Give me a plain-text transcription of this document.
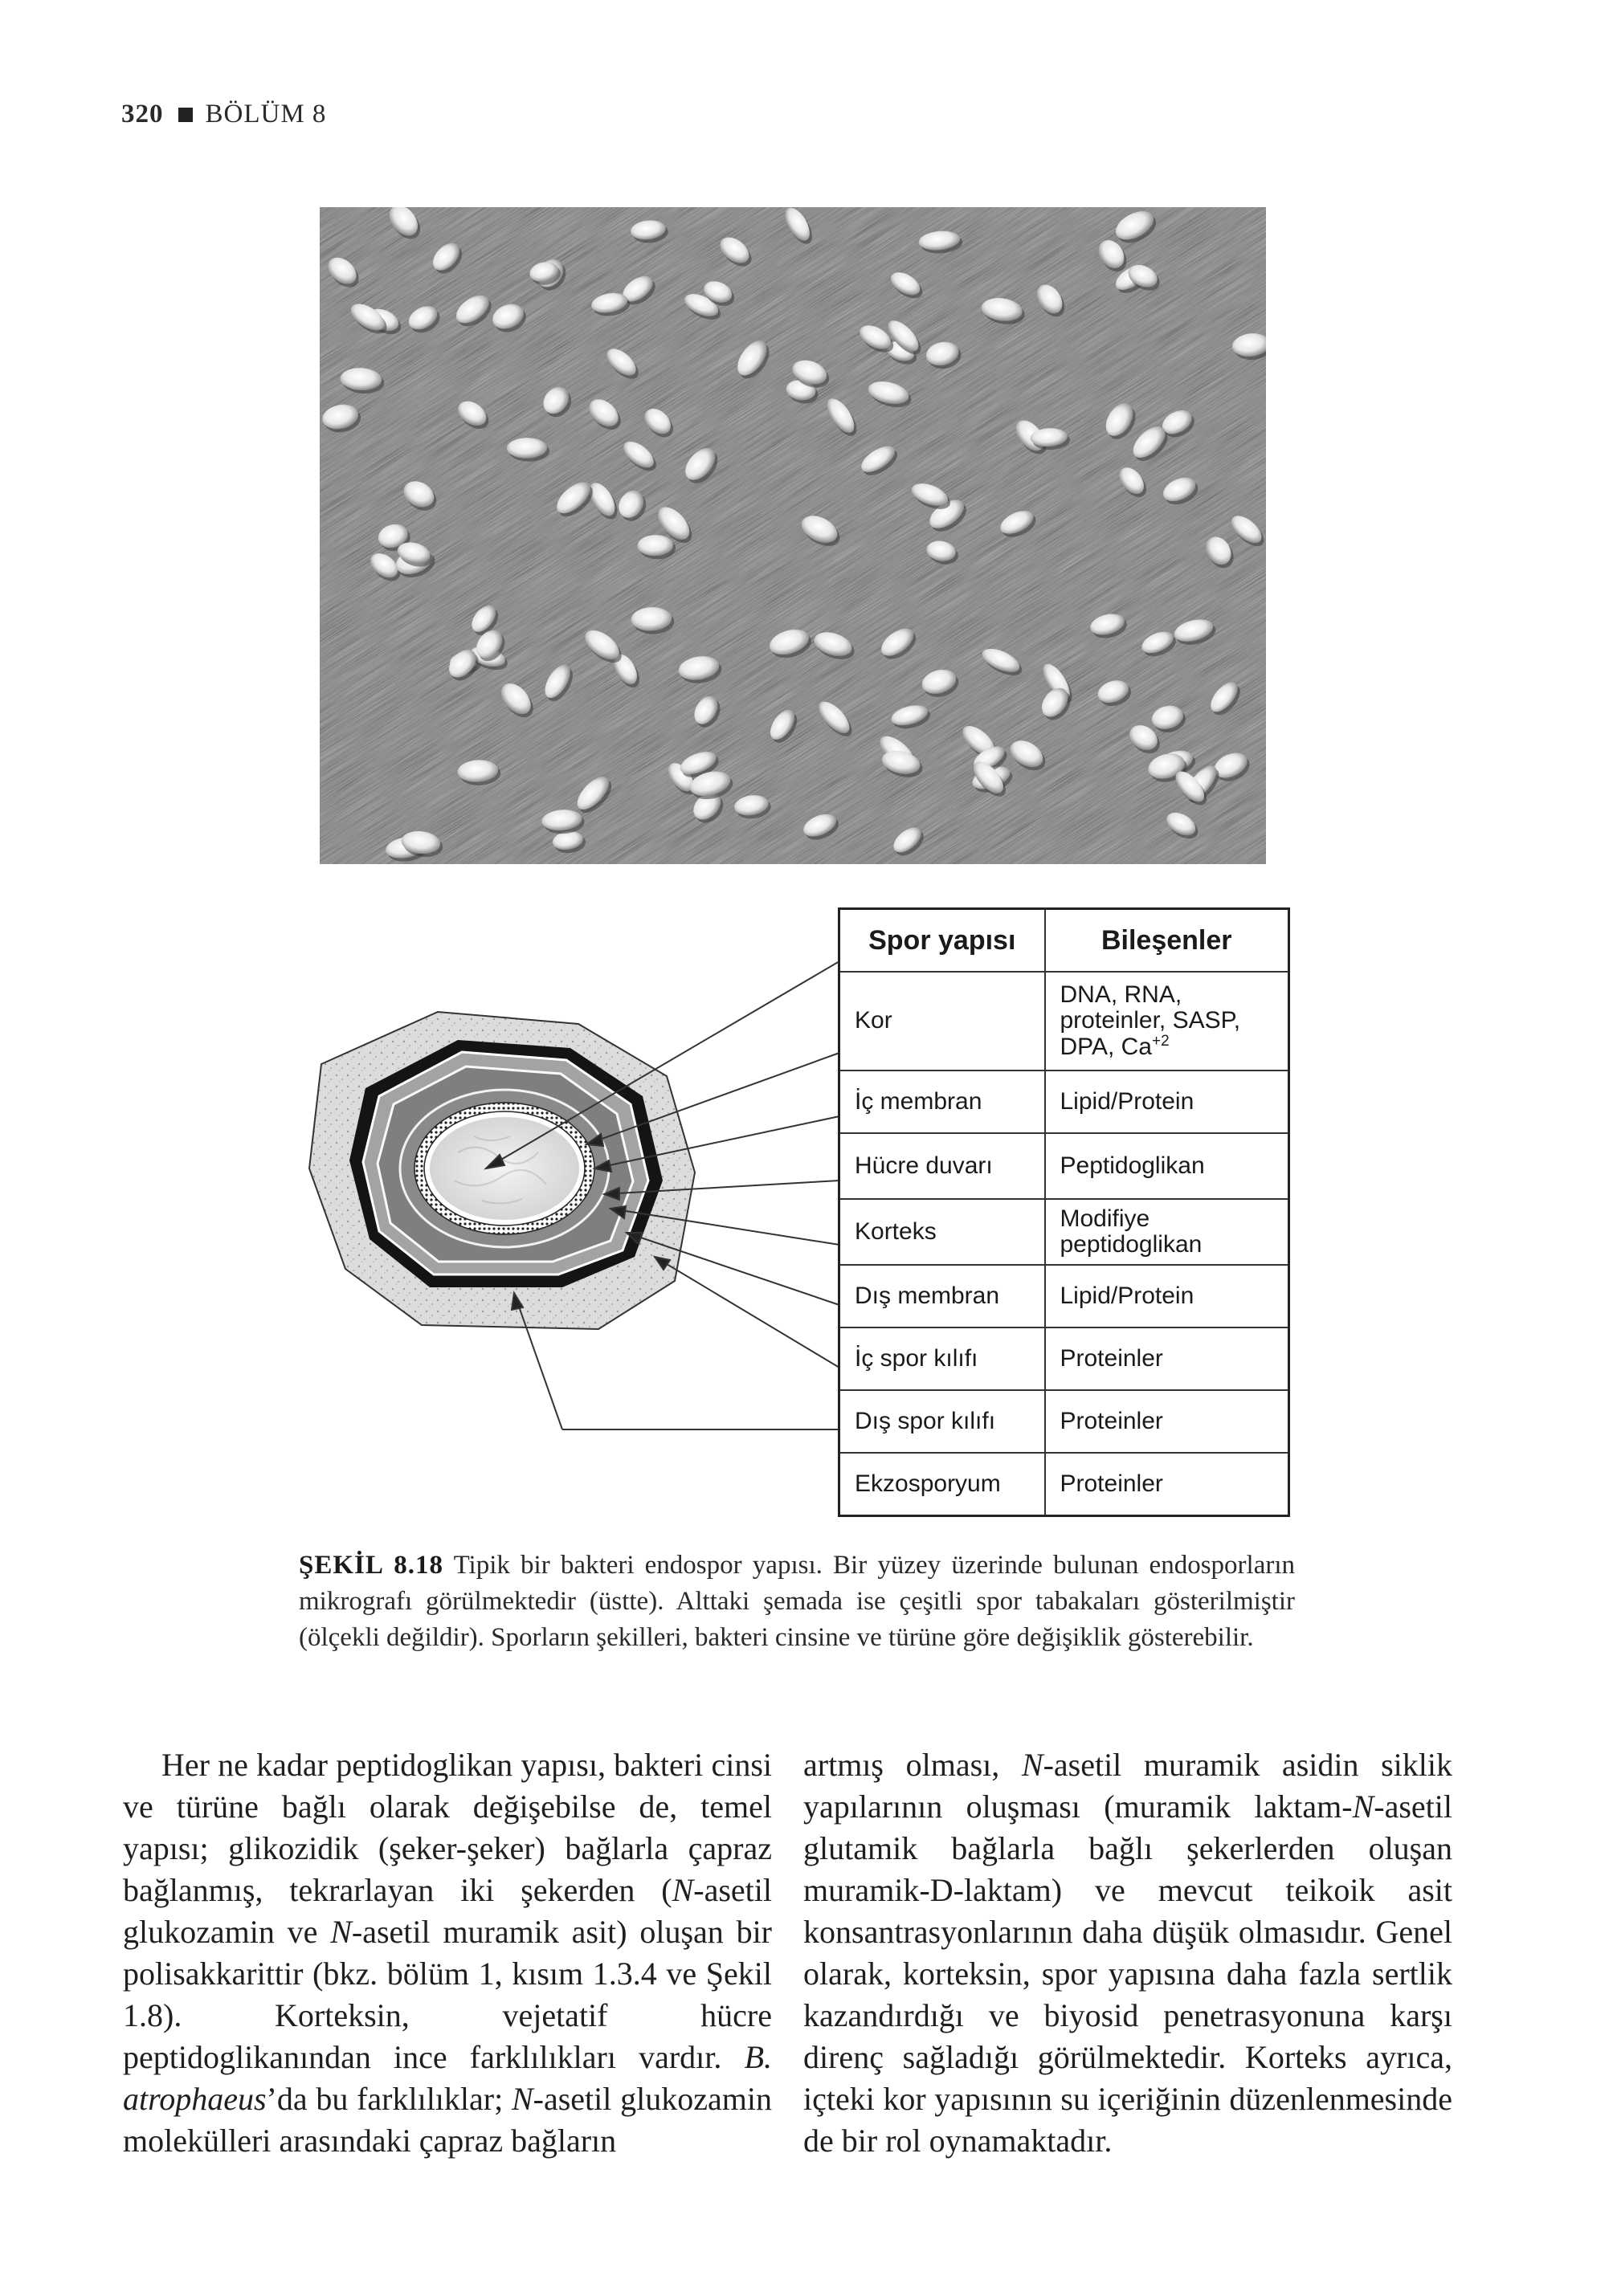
320 BÖLÜM 8
Spor yapısı	Bileşenler
Kor	DNA, RNA, proteinler, SASP, DPA, $Ca^{+2}$
İç membran	Lipid/Protein
Hücre duvarı	Peptidoglikan
Korteks	Modifiye peptidoglikan
Dış membran	Lipid/Protein
İç spor kılıfı	Proteinler
Dış spor kılıfı	Proteinler
Ekzosporyum	Proteinler
ŞEKİL 8.18 Tipik bir bakteri endospor yapısı. Bir yüzey üzerinde bulunan endosporların mikrografı görülmektedir (üstte). Alttaki şemada ise çeşitli spor tabakaları gösterilmiştir (ölçekli değildir). Sporların şekilleri, bakteri cinsine ve türüne göre değişiklik gösterebilir.
Her ne kadar peptidoglikan yapısı, bakteri cinsi ve türüne bağlı olarak değişebilse de, temel yapısı; glikozidik (şeker-şeker) bağlarla çapraz bağlanmış, tekrarlayan iki şekerden (N-asetil glukozamin ve N-asetil muramik asit) oluşan bir polisakkarittir (bkz. bölüm 1, kısım 1.3.4 ve Şekil 1.8). Korteksin, vejetatif hücre peptidoglikanından ince farklılıkları vardır. B. atrophaeus’da bu farklılıklar; N-asetil glukozamin molekülleri arasındaki çapraz bağların
artmış olması, N-asetil muramik asidin siklik yapılarının oluşması (muramik laktam-N-asetil glutamik bağlarla bağlı şekerlerden oluşan muramik-D-laktam) ve mevcut teikoik asit konsantrasyonlarının daha düşük olmasıdır. Genel olarak, korteksin, spor yapısına daha fazla sertlik kazandırdığı ve biyosid penetrasyonuna karşı direnç sağladığı görülmektedir. Korteks ayrıca, içteki kor yapısının su içeriğinin düzenlenmesinde de bir rol oynamaktadır.
